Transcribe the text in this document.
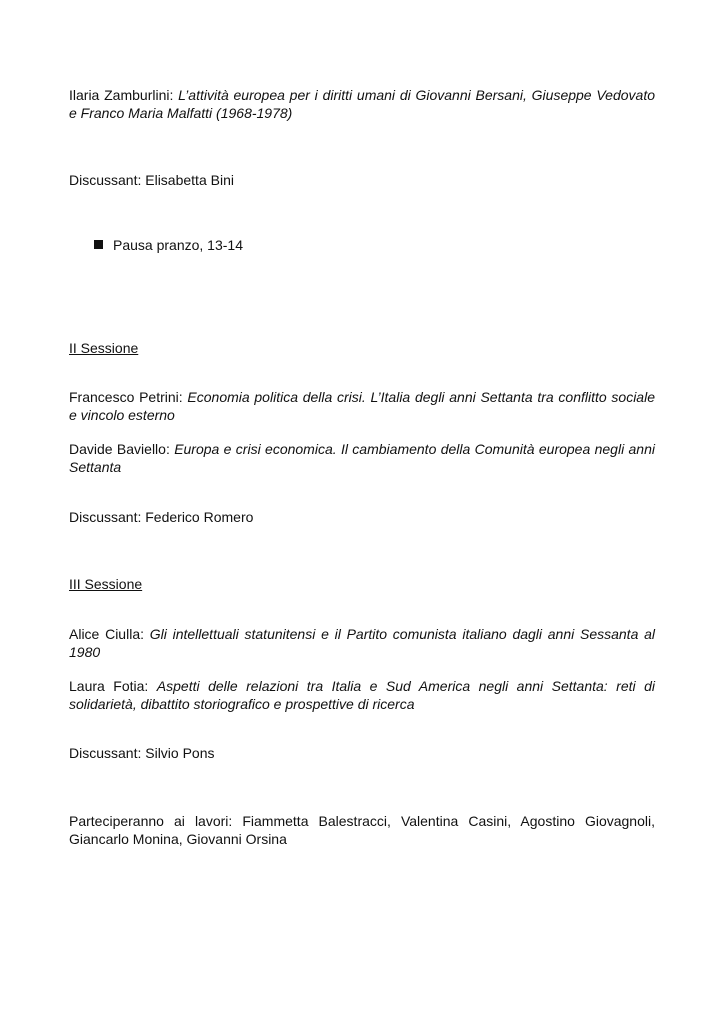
Ilaria Zamburlini: L’attività europea per i diritti umani di Giovanni Bersani, Giuseppe Vedovato e Franco Maria Malfatti (1968-1978)

Discussant: Elisabetta Bini

Pausa pranzo, 13-14

II Sessione

Francesco Petrini: Economia politica della crisi. L’Italia degli anni Settanta tra conflitto sociale e vincolo esterno

Davide Baviello: Europa e crisi economica. Il cambiamento della Comunità europea negli anni Settanta

Discussant: Federico Romero

III Sessione

Alice Ciulla: Gli intellettuali statunitensi e il Partito comunista italiano dagli anni Sessanta al 1980

Laura Fotia: Aspetti delle relazioni tra Italia e Sud America negli anni Settanta: reti di solidarietà, dibattito storiografico e prospettive di ricerca

Discussant: Silvio Pons

Parteciperanno ai lavori: Fiammetta Balestracci, Valentina Casini, Agostino Giovagnoli, Giancarlo Monina, Giovanni Orsina
